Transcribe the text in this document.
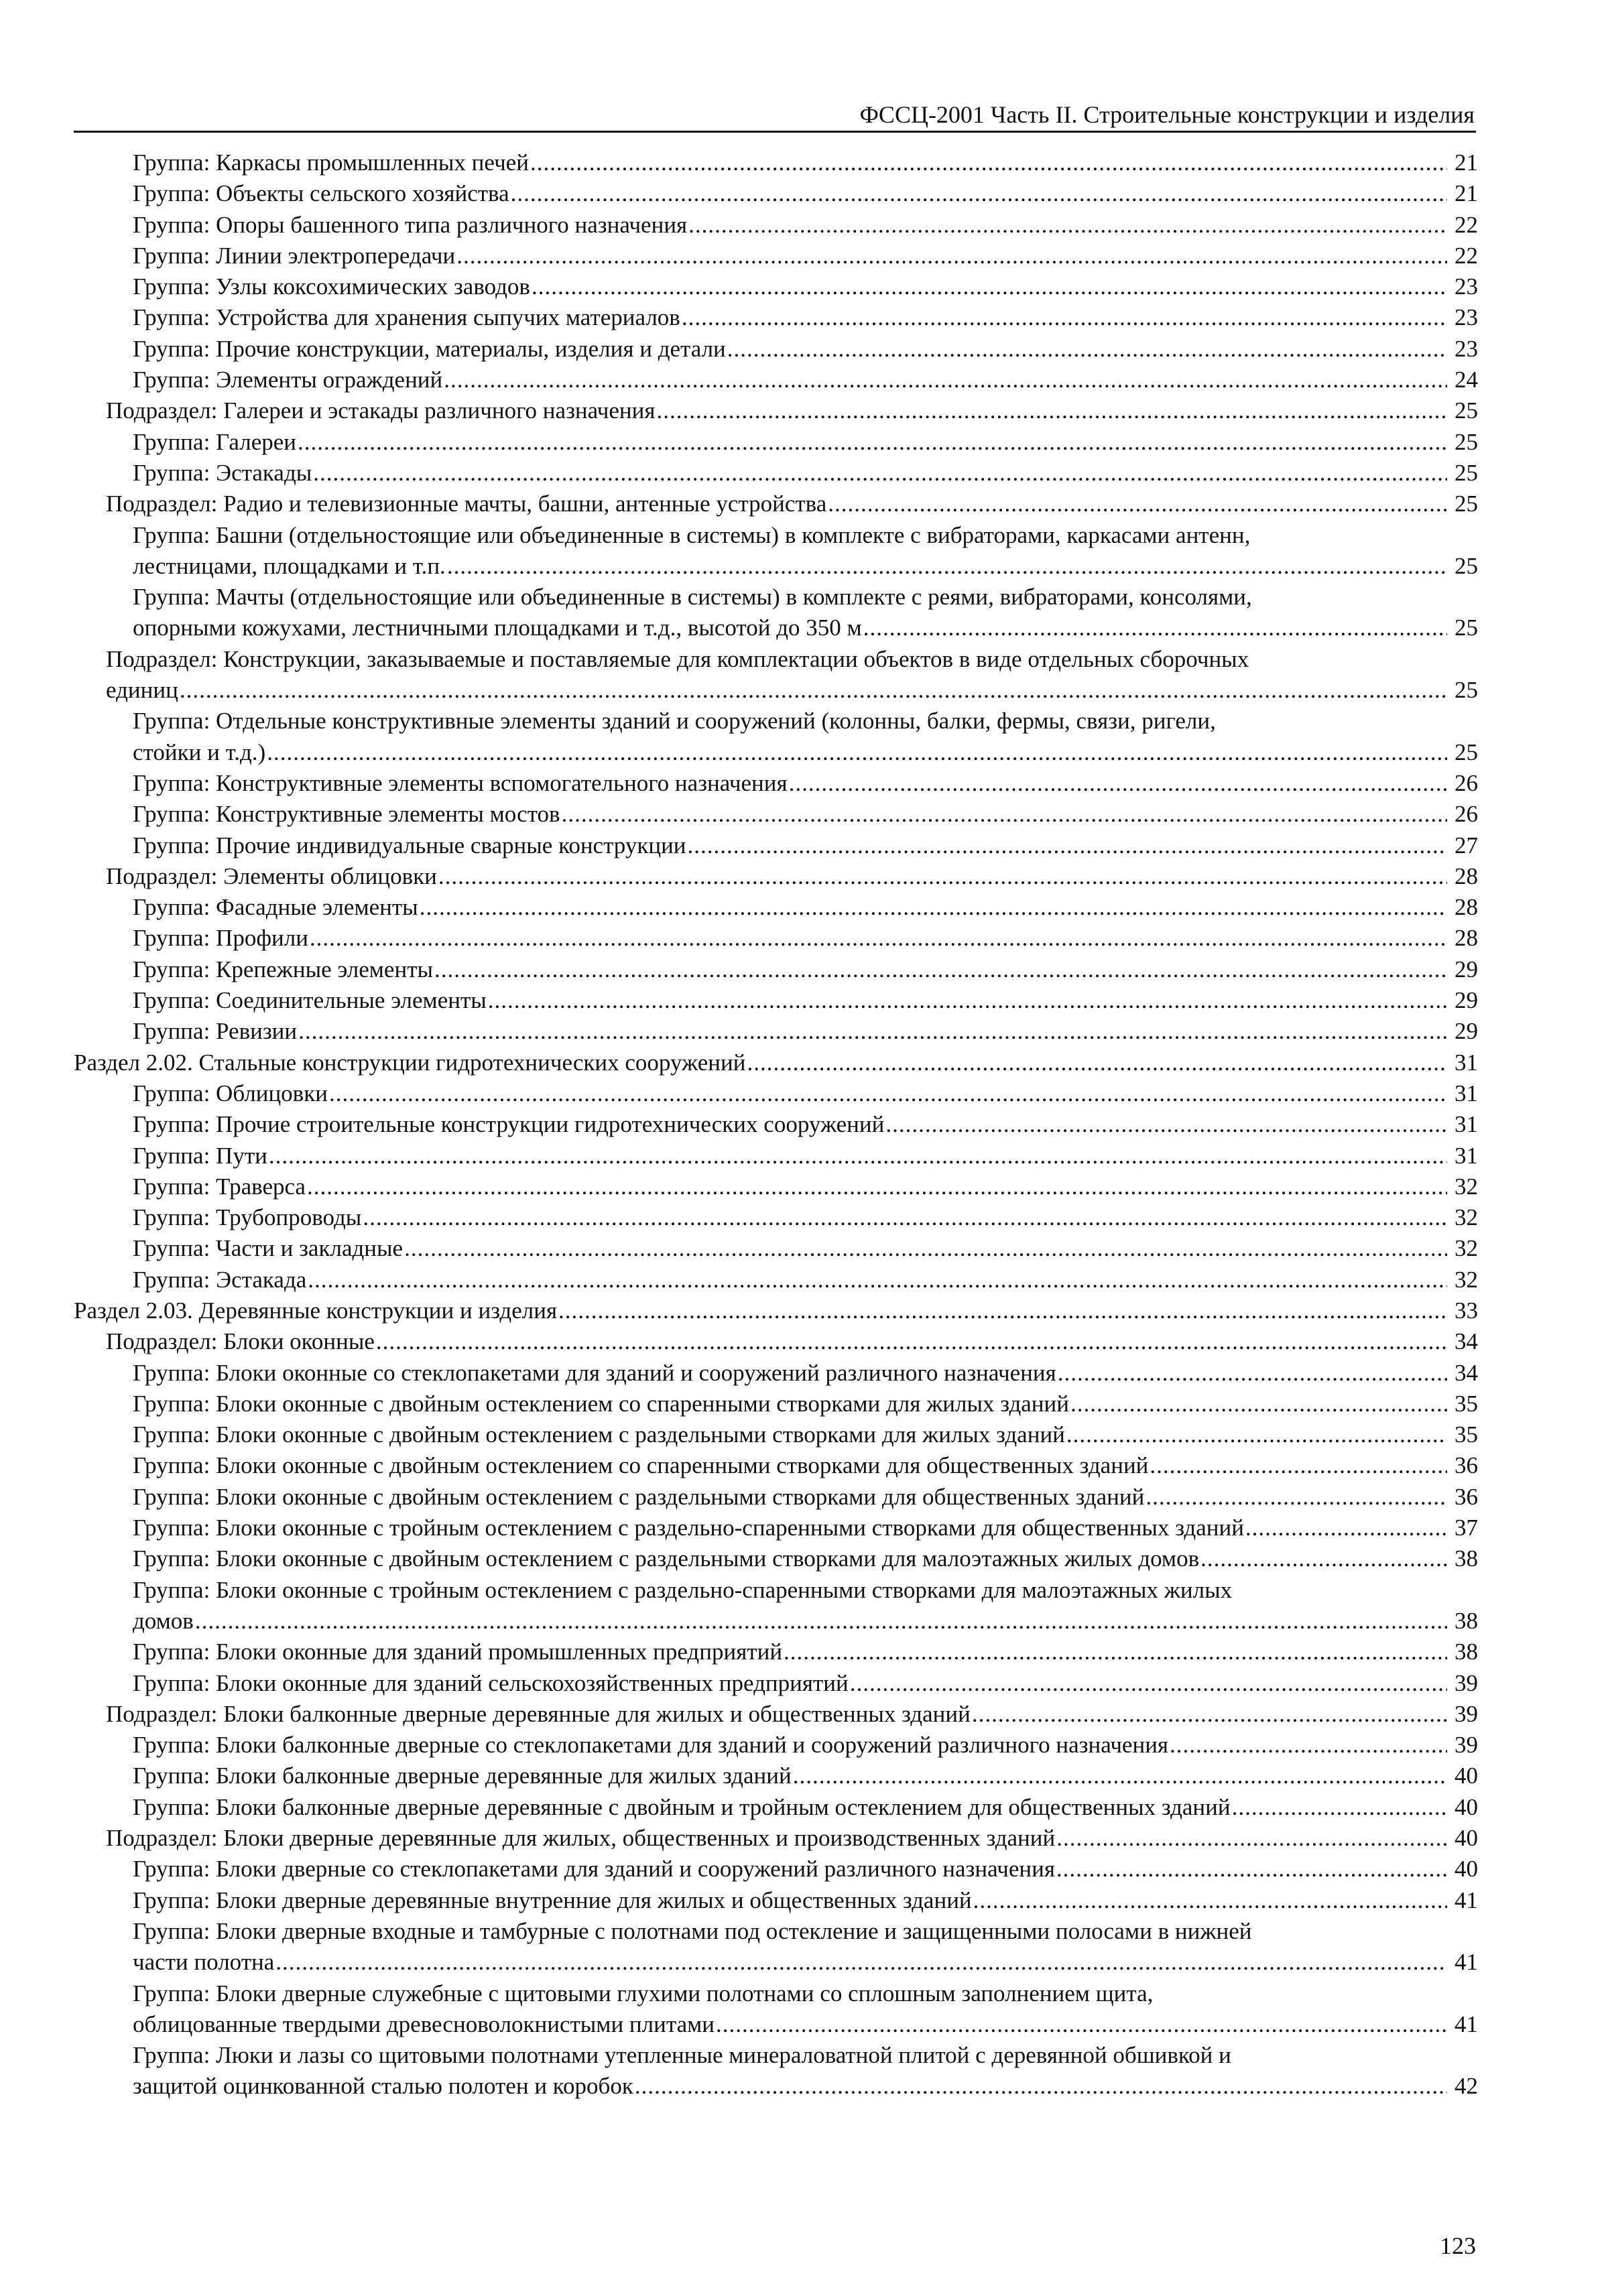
ФССЦ-2001 Часть II. Строительные конструкции и изделия
Группа: Каркасы промышленных печей .....	21
Группа: Объекты сельского хозяйства .....	21
Группа: Опоры башенного типа различного назначения .....	22
Группа: Линии электропередачи .....	22
Группа: Узлы коксохимических заводов .....	23
Группа: Устройства для хранения сыпучих материалов .....	23
Группа: Прочие конструкции, материалы, изделия и детали .....	23
Группа: Элементы ограждений .....	24
Подраздел: Галереи и эстакады различного назначения .....	25
Группа: Галереи .....	25
Группа: Эстакады .....	25
Подраздел: Радио и телевизионные мачты, башни, антенные устройства .....	25
Группа: Башни (отдельностоящие или объединенные в системы) в комплекте с вибраторами, каркасами антенн,
лестницами, площадками и т.п. .....	25
Группа: Мачты (отдельностоящие или объединенные в системы) в комплекте с реями, вибраторами, консолями,
опорными кожухами, лестничными площадками и т.д., высотой до 350 м .....	25
Подраздел: Конструкции, заказываемые и поставляемые для комплектации объектов в виде отдельных сборочных
единиц .....	25
Группа: Отдельные конструктивные элементы зданий и сооружений (колонны, балки, фермы, связи, ригели,
стойки и т.д.) .....	25
Группа: Конструктивные элементы вспомогательного назначения .....	26
Группа: Конструктивные элементы мостов .....	26
Группа: Прочие индивидуальные сварные конструкции .....	27
Подраздел: Элементы облицовки .....	28
Группа: Фасадные элементы .....	28
Группа: Профили .....	28
Группа: Крепежные элементы .....	29
Группа: Соединительные элементы .....	29
Группа: Ревизии .....	29
Раздел 2.02. Стальные конструкции гидротехнических сооружений .....	31
Группа: Облицовки .....	31
Группа: Прочие строительные конструкции гидротехнических сооружений .....	31
Группа: Пути .....	31
Группа: Траверса .....	32
Группа: Трубопроводы .....	32
Группа: Части и закладные .....	32
Группа: Эстакада .....	32
Раздел 2.03. Деревянные конструкции и изделия .....	33
Подраздел: Блоки оконные .....	34
Группа: Блоки оконные со стеклопакетами для зданий и сооружений различного назначения .....	34
Группа: Блоки оконные с двойным остеклением со спаренными створками для жилых зданий .....	35
Группа: Блоки оконные с двойным остеклением с раздельными створками для жилых зданий .....	35
Группа: Блоки оконные с двойным остеклением со спаренными створками для общественных зданий .....	36
Группа: Блоки оконные с двойным остеклением с раздельными створками для общественных зданий .....	36
Группа: Блоки оконные с тройным остеклением с раздельно-спаренными створками для общественных зданий .....	37
Группа: Блоки оконные с двойным остеклением с раздельными створками для малоэтажных жилых домов .....	38
Группа: Блоки оконные с тройным остеклением с раздельно-спаренными створками для малоэтажных жилых
домов .....	38
Группа: Блоки оконные для зданий промышленных предприятий .....	38
Группа: Блоки оконные для зданий сельскохозяйственных предприятий .....	39
Подраздел: Блоки балконные дверные деревянные для жилых и общественных зданий .....	39
Группа: Блоки балконные дверные со стеклопакетами для зданий и сооружений различного назначения .....	39
Группа: Блоки балконные дверные деревянные для жилых зданий .....	40
Группа: Блоки балконные дверные деревянные с двойным и тройным остеклением для общественных зданий .....	40
Подраздел: Блоки дверные деревянные для жилых, общественных и производственных зданий .....	40
Группа: Блоки дверные со стеклопакетами для зданий и сооружений различного назначения .....	40
Группа: Блоки дверные деревянные внутренние для жилых и общественных зданий .....	41
Группа: Блоки дверные входные и тамбурные с полотнами под остекление и защищенными полосами в нижней
части полотна .....	41
Группа: Блоки дверные служебные с щитовыми глухими полотнами со сплошным заполнением щита,
облицованные твердыми древесноволокнистыми плитами .....	41
Группа: Люки и лазы со щитовыми полотнами утепленные минераловатной плитой с деревянной обшивкой и
защитой оцинкованной сталью полотен и коробок .....	42
123
